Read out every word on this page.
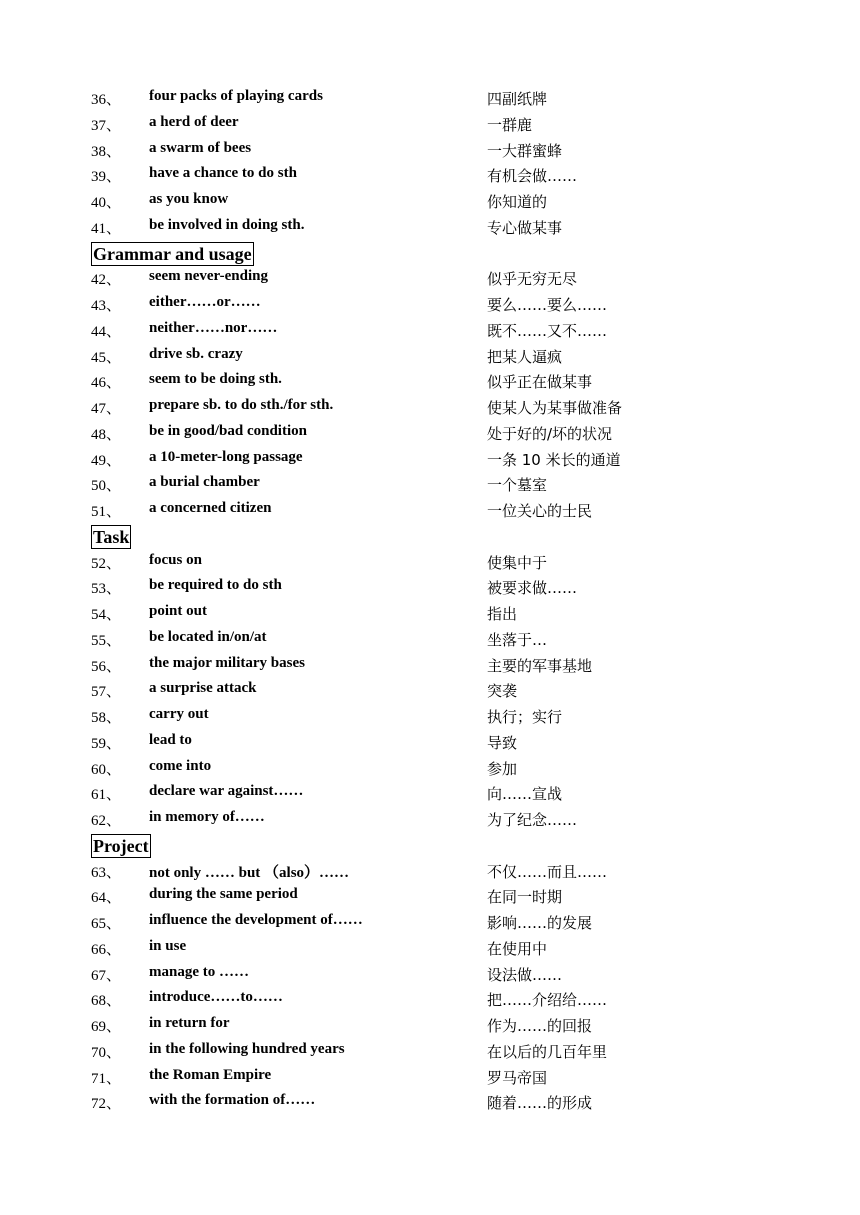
36、 four packs of playing cards	四副纸牌
37、 a herd of deer	一群鹿
38、 a swarm of bees	一大群蜜蜂
39、 have a chance to do sth	有机会做……
40、 as you know	你知道的
41、 be involved in doing sth.	专心做某事
Grammar and usage
42、 seem never-ending	似乎无穷无尽
43、 either……or……	要么……要么……
44、 neither……nor……	既不……又不……
45、 drive sb. crazy	把某人逼疯
46、 seem to be doing sth.	似乎正在做某事
47、 prepare sb. to do sth./for sth.	使某人为某事做准备
48、 be in good/bad condition	处于好的/坏的状况
49、 a 10-meter-long passage	一条 10 米长的通道
50、 a burial chamber	一个墓室
51、 a concerned citizen	一位关心的士民
Task
52、 focus on	使集中于
53、 be required to do sth	被要求做……
54、 point out	指出
55、 be located in/on/at	坐落于…
56、 the major military bases	主要的军事基地
57、 a surprise attack	突袭
58、 carry out	执行；实行
59、 lead to	导致
60、 come into	参加
61、 declare war against……	向……宣战
62、 in memory of……	为了纪念……
Project
63、 not only …… but （also）……	不仅……而且……
64、 during the same period	在同一时期
65、 influence the development of……	影响……的发展
66、 in use	在使用中
67、 manage to ……	设法做……
68、 introduce……to……	把……介绍给……
69、 in return for	作为……的回报
70、 in the following hundred years	在以后的几百年里
71、 the Roman Empire	罗马帝国
72、 with the formation of……	随着……的形成
